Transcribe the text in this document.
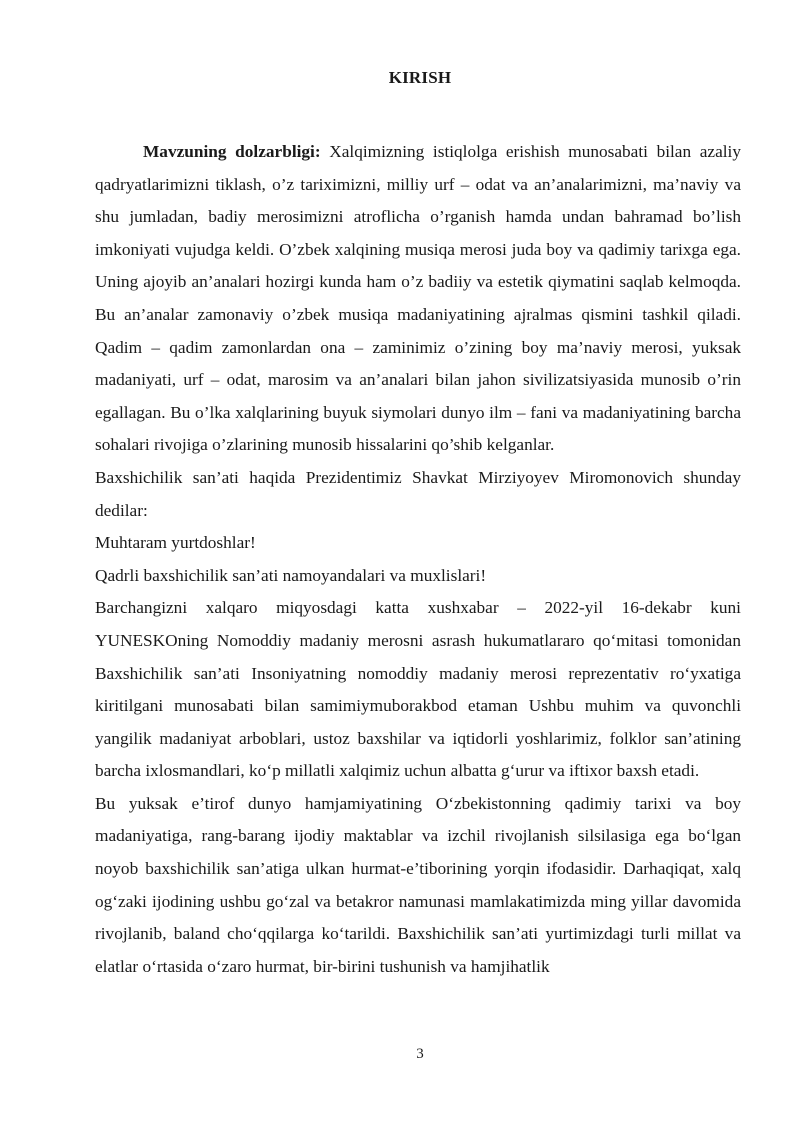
KIRISH

Mavzuning dolzarbligi: Xalqimizning istiqlolga erishish munosabati bilan azaliy qadryatlarimizni tiklash, o’z tariximizni, milliy urf – odat va an’analarimizni, ma’naviy va shu jumladan, badiy merosimizni atroflicha o’rganish hamda undan bahramad bo’lish imkoniyati vujudga keldi. O’zbek xalqining musiqa merosi juda boy va qadimiy tarixga ega. Uning ajoyib an’analari hozirgi kunda ham o’z badiiy va estetik qiymatini saqlab kelmoqda. Bu an’analar zamonaviy o’zbek musiqa madaniyatining ajralmas qismini tashkil qiladi. Qadim – qadim zamonlardan ona – zaminimiz o’zining boy ma’naviy merosi, yuksak madaniyati, urf – odat, marosim va an’analari bilan jahon sivilizatsiyasida munosib o’rin egallagan. Bu o’lka xalqlarining buyuk siymolari dunyo ilm – fani va madaniyatining barcha sohalari rivojiga o’zlarining munosib hissalarini qo’shib kelganlar.

Baxshichilik san’ati haqida Prezidentimiz Shavkat Mirziyoyev Miromonovich shunday dedilar:

Muhtaram yurtdoshlar!

Qadrli baxshichilik san’ati namoyandalari va muxlislari!

Barchangizni xalqaro miqyosdagi katta xushxabar – 2022-yil 16-dekabr kuni YUNESKOning Nomoddiy madaniy merosni asrash hukumatlararo qo‘mitasi tomonidan Baxshichilik san’ati Insoniyatning nomoddiy madaniy merosi reprezentativ ro‘yxatiga kiritilgani munosabati bilan samimiymuborakbod etaman Ushbu muhim va quvonchli yangilik madaniyat arboblari, ustoz baxshilar va iqtidorli yoshlarimiz, folklor san’atining barcha ixlosmandlari, ko‘p millatli xalqimiz uchun albatta g‘urur va iftixor baxsh etadi.

Bu yuksak e’tirof dunyo hamjamiyatining O‘zbekistonning qadimiy tarixi va boy madaniyatiga, rang-barang ijodiy maktablar va izchil rivojlanish silsilasiga ega bo‘lgan noyob baxshichilik san’atiga ulkan hurmat-e’tiborining yorqin ifodasidir. Darhaqiqat, xalq og‘zaki ijodining ushbu go‘zal va betakror namunasi mamlakatimizda ming yillar davomida rivojlanib, baland cho‘qqilarga ko‘tarildi. Baxshichilik san’ati yurtimizdagi turli millat va elatlar o‘rtasida o‘zaro hurmat, bir-birini tushunish va hamjihatlik

3
